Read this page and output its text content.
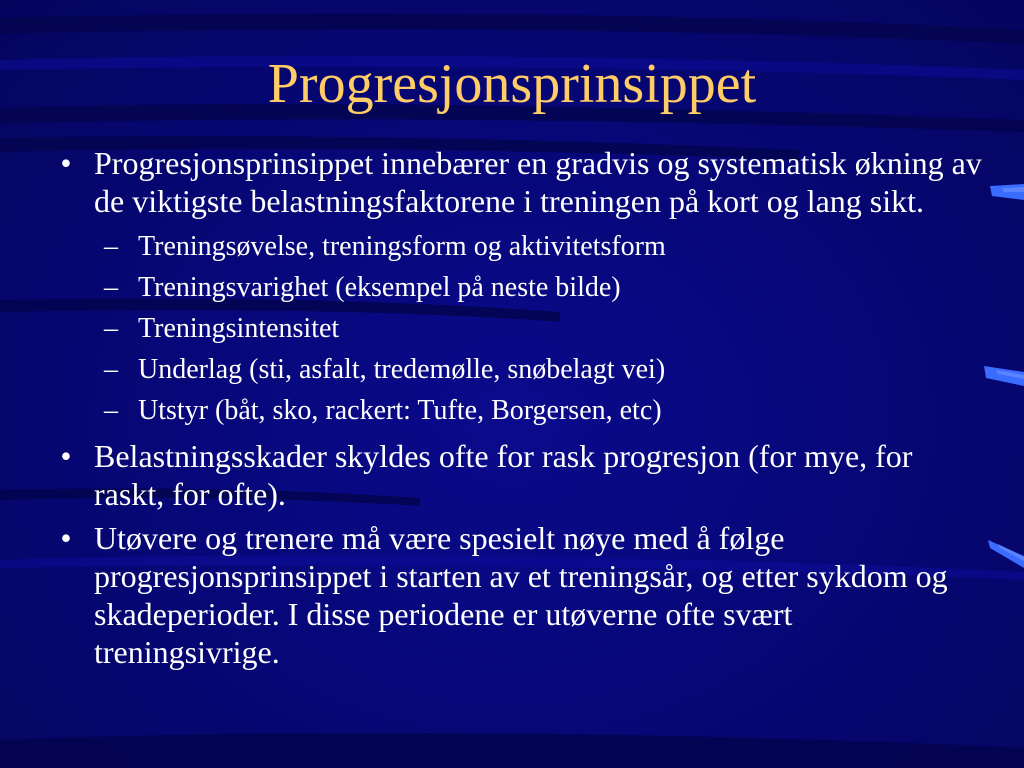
Progresjonsprinsippet
• Progresjonsprinsippet innebærer en gradvis og systematisk økning av de viktigste belastningsfaktorene i treningen på kort og lang sikt.
– Treningsøvelse, treningsform og aktivitetsform
– Treningsvarighet (eksempel på neste bilde)
– Treningsintensitet
– Underlag (sti, asfalt, tredemølle, snøbelagt vei)
– Utstyr (båt, sko, rackert: Tufte, Borgersen, etc)
• Belastningsskader skyldes ofte for rask progresjon (for mye, for raskt, for ofte).
• Utøvere og trenere må være spesielt nøye med å følge progresjonsprinsippet i starten av et treningsår, og etter sykdom og skadeperioder. I disse periodene er utøverne ofte svært treningsivrige.
